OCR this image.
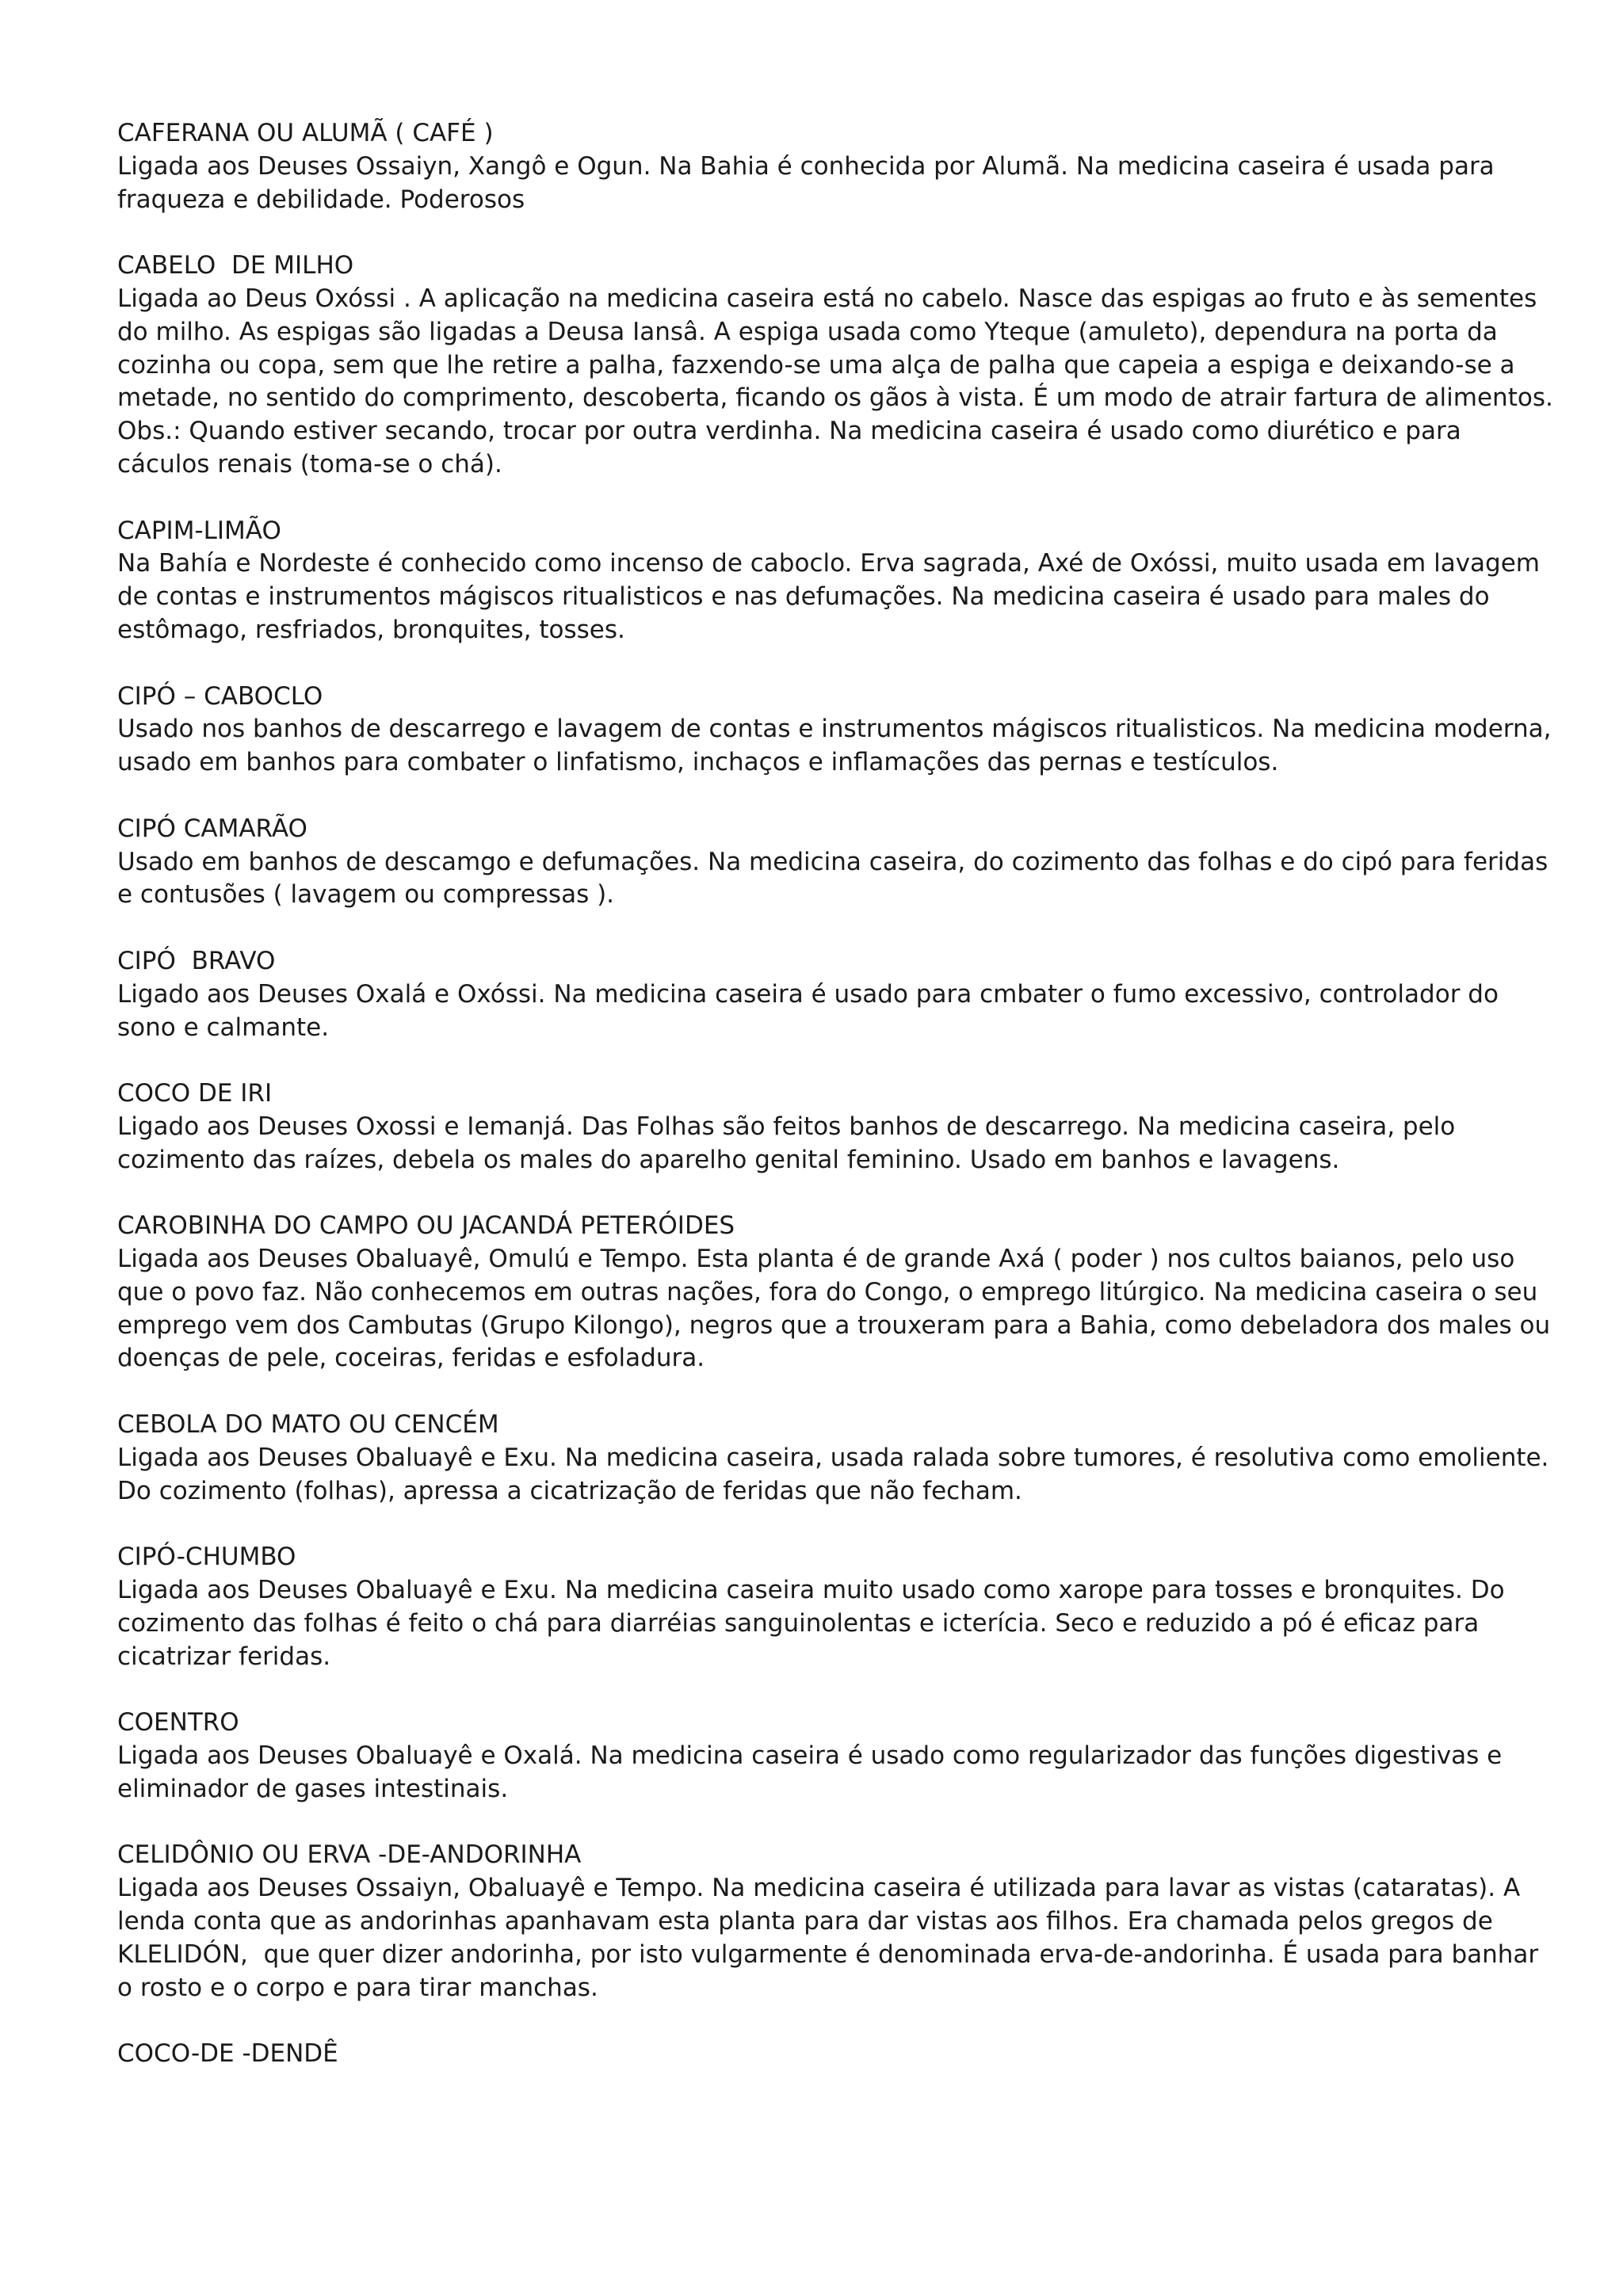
CAFERANA OU ALUMÃ ( CAFÉ )
Ligada aos Deuses Ossaiyn, Xangô e Ogun. Na Bahia é conhecida por Alumã. Na medicina caseira é usada para fraqueza e debilidade. Poderosos
CABELO  DE MILHO
Ligada ao Deus Oxóssi . A aplicação na medicina caseira está no cabelo. Nasce das espigas ao fruto e às sementes do milho. As espigas são ligadas a Deusa Iansâ. A espiga usada como Yteque (amuleto), dependura na porta da cozinha ou copa, sem que lhe retire a palha, fazxendo-se uma alça de palha que capeia a espiga e deixando-se a metade, no sentido do comprimento, descoberta, ficando os gãos à vista. É um modo de atrair fartura de alimentos.
Obs.: Quando estiver secando, trocar por outra verdinha. Na medicina caseira é usado como diurético e para cáculos renais (toma-se o chá).
CAPIM-LIMÃO
Na Bahía e Nordeste é conhecido como incenso de caboclo. Erva sagrada, Axé de Oxóssi, muito usada em lavagem de contas e instrumentos mágiscos ritualisticos e nas defumações. Na medicina caseira é usado para males do estômago, resfriados, bronquites, tosses.
CIPÓ – CABOCLO
Usado nos banhos de descarrego e lavagem de contas e instrumentos mágiscos ritualisticos. Na medicina moderna, usado em banhos para combater o linfatismo, inchaços e inflamações das pernas e testículos.
CIPÓ CAMARÃO
Usado em banhos de descamgo e defumações. Na medicina caseira, do cozimento das folhas e do cipó para feridas e contusões ( lavagem ou compressas ).
CIPÓ  BRAVO
Ligado aos Deuses Oxalá e Oxóssi. Na medicina caseira é usado para cmbater o fumo excessivo, controlador do sono e calmante.
COCO DE IRI
Ligado aos Deuses Oxossi e Iemanjá. Das Folhas são feitos banhos de descarrego. Na medicina caseira, pelo cozimento das raízes, debela os males do aparelho genital feminino. Usado em banhos e lavagens.
CAROBINHA DO CAMPO OU JACANDÁ PETERÓIDES
Ligada aos Deuses Obaluayê, Omulú e Tempo. Esta planta é de grande Axá ( poder ) nos cultos baianos, pelo uso que o povo faz. Não conhecemos em outras nações, fora do Congo, o emprego litúrgico. Na medicina caseira o seu emprego vem dos Cambutas (Grupo Kilongo), negros que a trouxeram para a Bahia, como debeladora dos males ou doenças de pele, coceiras, feridas e esfoladura.
CEBOLA DO MATO OU CENCÉM
Ligada aos Deuses Obaluayê e Exu. Na medicina caseira, usada ralada sobre tumores, é resolutiva como emoliente. Do cozimento (folhas), apressa a cicatrização de feridas que não fecham.
CIPÓ-CHUMBO
Ligada aos Deuses Obaluayê e Exu. Na medicina caseira muito usado como xarope para tosses e bronquites. Do cozimento das folhas é feito o chá para diarréias sanguinolentas e icterícia. Seco e reduzido a pó é eficaz para cicatrizar feridas.
COENTRO
Ligada aos Deuses Obaluayê e Oxalá. Na medicina caseira é usado como regularizador das funções digestivas e eliminador de gases intestinais.
CELIDÔNIO OU ERVA -DE-ANDORINHA
Ligada aos Deuses Ossaiyn, Obaluayê e Tempo. Na medicina caseira é utilizada para lavar as vistas (cataratas). A lenda conta que as andorinhas apanhavam esta planta para dar vistas aos filhos. Era chamada pelos gregos de KLELIDÓN,  que quer dizer andorinha, por isto vulgarmente é denominada erva-de-andorinha. É usada para banhar o rosto e o corpo e para tirar manchas.
COCO-DE -DENDÊ
